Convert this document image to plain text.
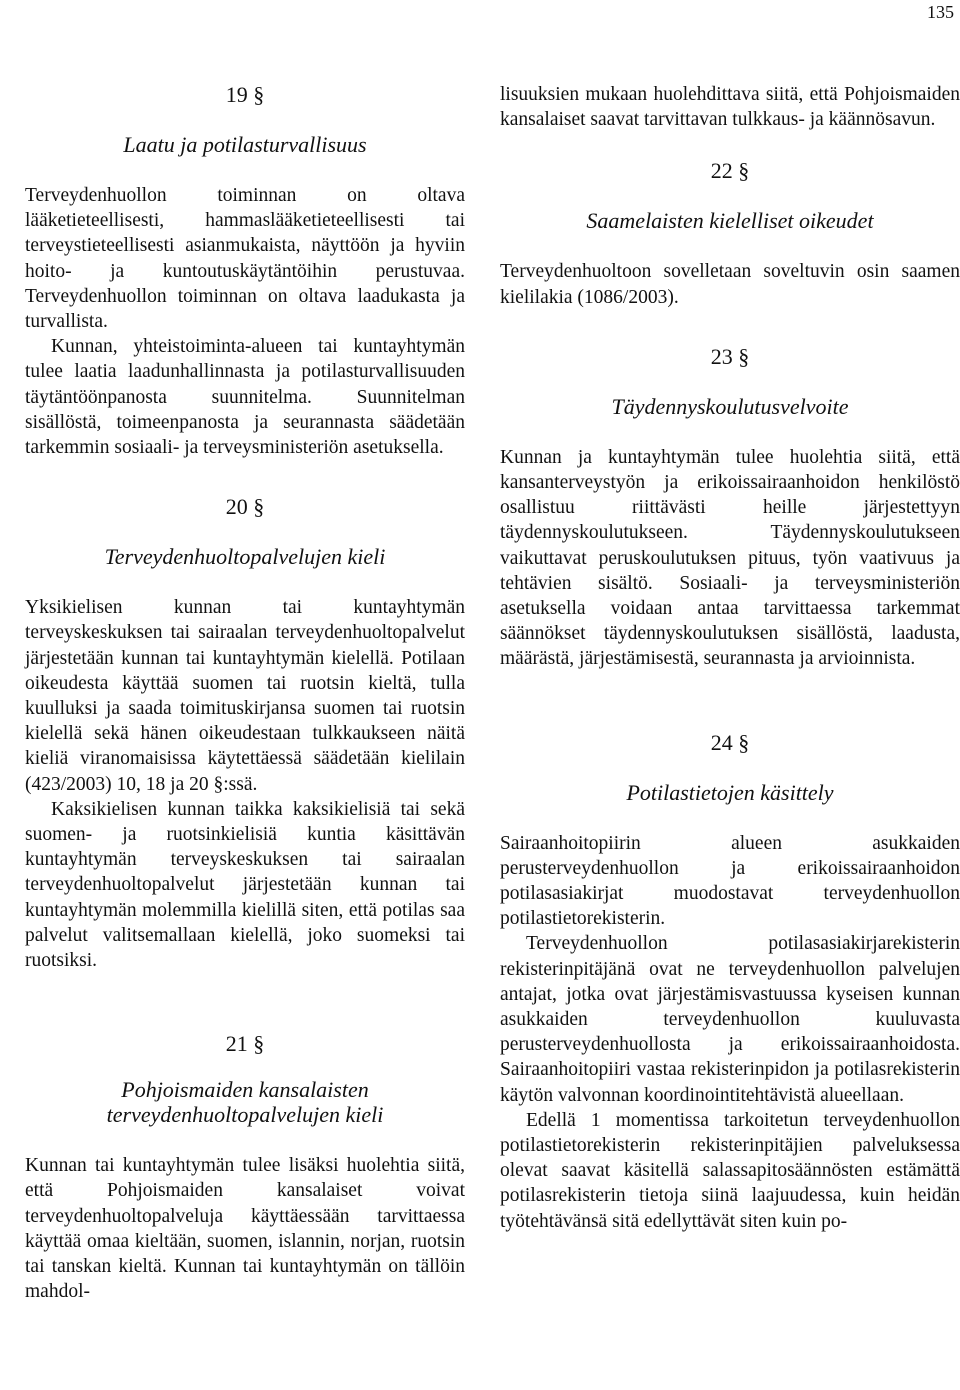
135
19 §
Laatu ja potilasturvallisuus
Terveydenhuollon toiminnan on oltava lääketieteellisesti, hammaslääketieteellisesti tai terveystieteellisesti asianmukaista, näyttöön ja hyviin hoito- ja kuntoutuskäytäntöihin perustuvaa. Terveydenhuollon toiminnan on oltava laadukasta ja turvallista.
Kunnan, yhteistoiminta-alueen tai kuntayhtymän tulee laatia laadunhallinnasta ja potilasturvallisuuden täytäntöönpanosta suunnitelma. Suunnitelman sisällöstä, toimeenpanosta ja seurannasta säädetään tarkemmin sosiaali- ja terveysministeriön asetuksella.
20 §
Terveydenhuoltopalvelujen kieli
Yksikielisen kunnan tai kuntayhtymän terveyskeskuksen tai sairaalan terveydenhuoltopalvelut järjestetään kunnan tai kuntayhtymän kielellä. Potilaan oikeudesta käyttää suomen tai ruotsin kieltä, tulla kuulluksi ja saada toimituskirjansa suomen tai ruotsin kielellä sekä hänen oikeudestaan tulkkaukseen näitä kieliä viranomaisissa käytettäessä säädetään kielilain (423/2003) 10, 18 ja 20 §:ssä.
Kaksikielisen kunnan taikka kaksikielisiä tai sekä suomen- ja ruotsinkielisiä kuntia käsittävän kuntayhtymän terveyskeskuksen tai sairaalan terveydenhuoltopalvelut järjestetään kunnan tai kuntayhtymän molemmilla kielillä siten, että potilas saa palvelut valitsemallaan kielellä, joko suomeksi tai ruotsiksi.
21 §
Pohjoismaiden kansalaisten terveydenhuoltopalvelujen kieli
Kunnan tai kuntayhtymän tulee lisäksi huolehtia siitä, että Pohjoismaiden kansalaiset voivat terveydenhuoltopalveluja käyttäessään tarvittaessa käyttää omaa kieltään, suomen, islannin, norjan, ruotsin tai tanskan kieltä. Kunnan tai kuntayhtymän on tällöin mahdol-
lisuuksien mukaan huolehdittava siitä, että Pohjoismaiden kansalaiset saavat tarvittavan tulkkaus- ja käännösavun.
22 §
Saamelaisten kielelliset oikeudet
Terveydenhuoltoon sovelletaan soveltuvin osin saamen kielilakia (1086/2003).
23 §
Täydennyskoulutusvelvoite
Kunnan ja kuntayhtymän tulee huolehtia siitä, että kansanterveystyön ja erikoissairaanhoidon henkilöstö osallistuu riittävästi heille järjestettyyn täydennyskoulutukseen. Täydennyskoulutukseen vaikuttavat peruskoulutuksen pituus, työn vaativuus ja tehtävien sisältö. Sosiaali- ja terveysministeriön asetuksella voidaan antaa tarvittaessa tarkemmat säännökset täydennyskoulutuksen sisällöstä, laadusta, määrästä, järjestämisestä, seurannasta ja arvioinnista.
24 §
Potilastietojen käsittely
Sairaanhoitopiirin alueen asukkaiden perusterveydenhuollon ja erikoissairaanhoidon potilasasiakirjat muodostavat terveydenhuollon potilastietorekisterin.
Terveydenhuollon potilasasiakirjarekisterin rekisterinpitäjänä ovat ne terveydenhuollon palvelujen antajat, jotka ovat järjestämisvastuussa kyseisen kunnan asukkaiden terveydenhuollon kuuluvasta perusterveydenhuollosta ja erikoissairaanhoidosta. Sairaanhoitopiiri vastaa rekisterinpidon ja potilasrekisterin käytön valvonnan koordinointitehtävistä alueellaan.
Edellä 1 momentissa tarkoitetun terveydenhuollon potilastietorekisterin rekisterinpitäjien palveluksessa olevat saavat käsitellä salassapitosäännösten estämättä potilasrekisterin tietoja siinä laajuudessa, kuin heidän työtehtävänsä sitä edellyttävät siten kuin po-
